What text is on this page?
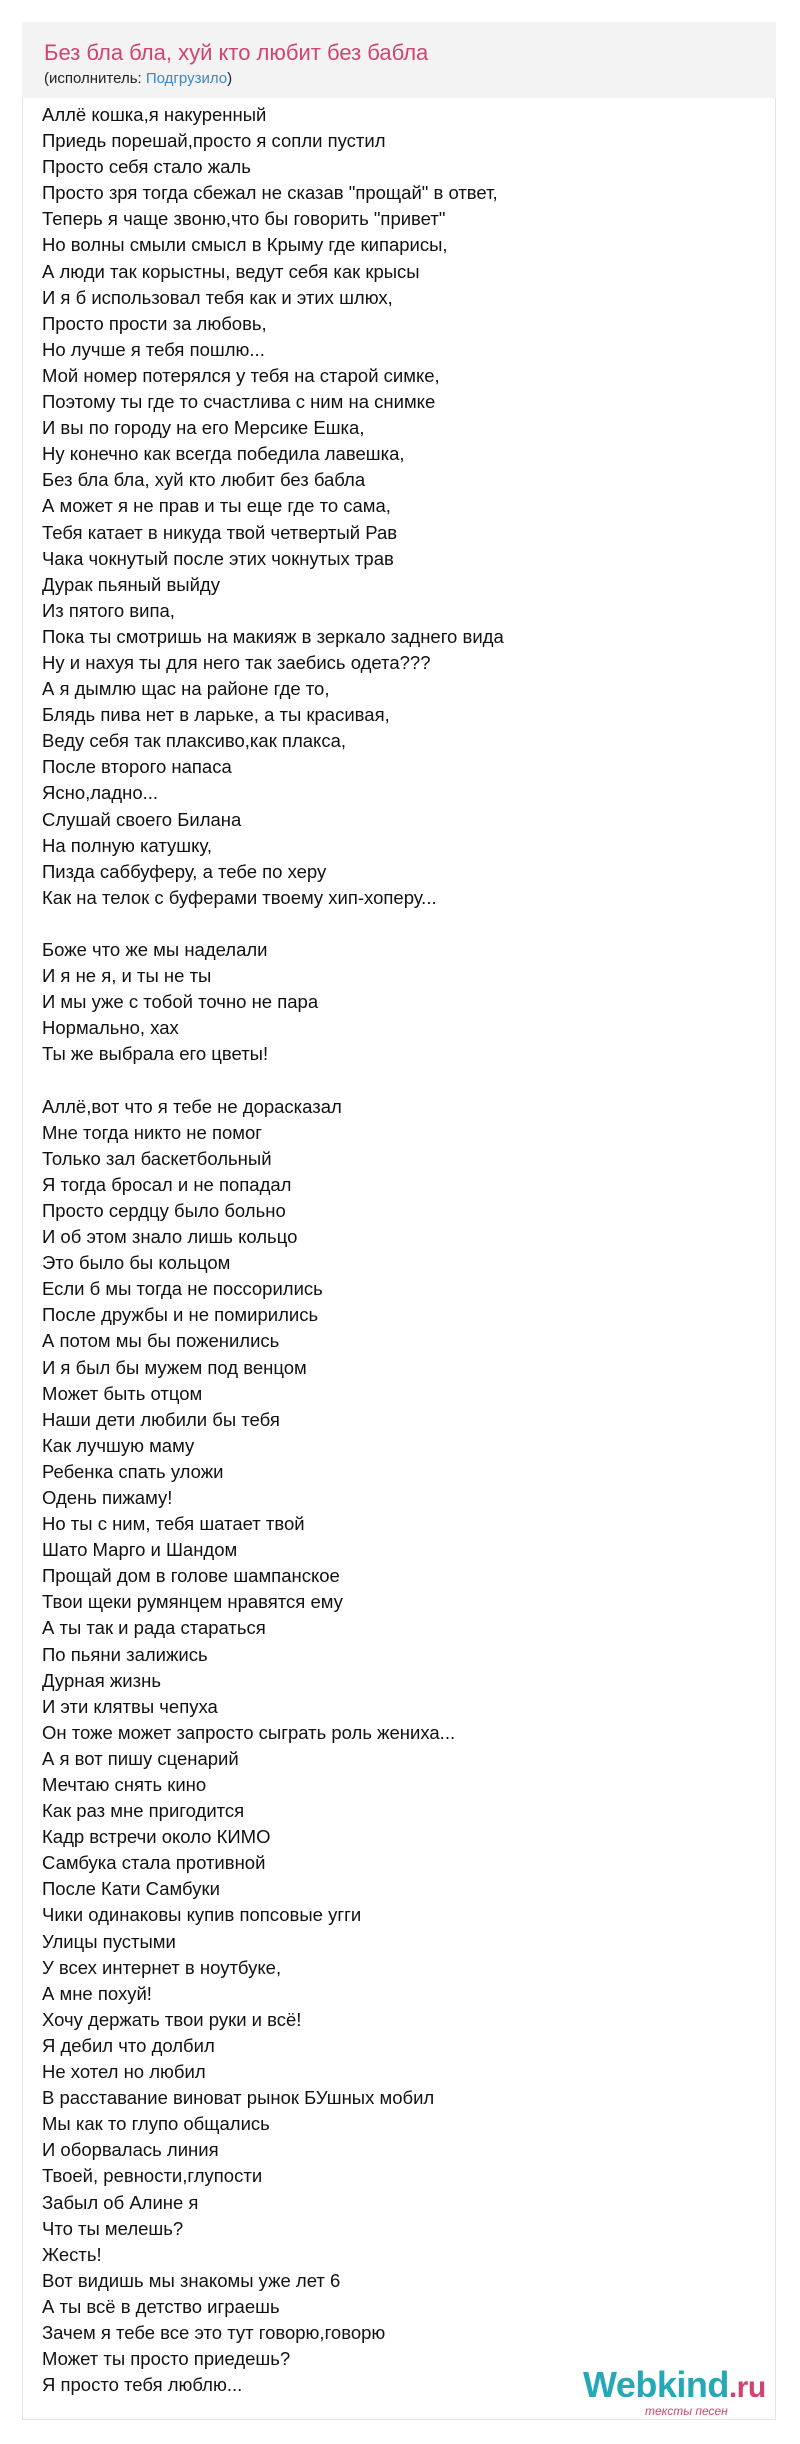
Без бла бла, хуй кто любит без бабла
(исполнитель: Подгрузило)
Аллё кошка,я накуренный
Приедь порешай,просто я сопли пустил
Просто себя стало жаль
Просто зря тогда сбежал не сказав "прощай" в ответ,
Теперь я чаще звоню,что бы говорить "привет"
Но волны смыли смысл в Крыму где кипарисы,
А люди так корыстны, ведут себя как крысы
И я б использовал тебя как и этих шлюх,
Просто прости за любовь,
Но лучше я тебя пошлю...
Мой номер потерялся у тебя на старой симке,
Поэтому ты где то счастлива с ним на снимке
И вы по городу на его Мерсике Ешка,
Ну конечно как всегда победила лавешка,
Без бла бла, хуй кто любит без бабла
А может я не прав и ты еще где то сама,
Тебя катает в никуда твой четвертый Рав
Чака чокнутый после этих чокнутых трав
Дурак пьяный выйду
Из пятого випа,
Пока ты смотришь на макияж в зеркало заднего вида
Ну и нахуя ты для него так заебись одета???
А я дымлю щас на районе где то,
Блядь пива нет в ларьке, а ты красивая,
Веду себя так плаксиво,как плакса,
После второго напаса
Ясно,ладно...
Слушай своего Билана
На полную катушку,
Пизда саббуферу, а тебе по херу
Как на телок с буферами твоему хип-хоперу...
Боже что же мы наделали
И я не я, и ты не ты
И мы уже с тобой точно не пара
Нормально, хах
Ты же выбрала его цветы!
Аллё,вот что я тебе не дорасказал
Мне тогда никто не помог
Только зал баскетбольный
Я тогда бросал и не попадал
Просто сердцу было больно
И об этом знало лишь кольцо
Это было бы кольцом
Если б мы тогда не поссорились
После дружбы и не помирились
А потом мы бы поженились
И я был бы мужем под венцом
Может быть отцом
Наши дети любили бы тебя
Как лучшую маму
Ребенка спать уложи
Одень пижаму!
Но ты с ним, тебя шатает твой
Шато Марго и Шандом
Прощай дом в голове шампанское
Твои щеки румянцем нравятся ему
А ты так и рада стараться
По пьяни залижись
Дурная жизнь
И эти клятвы чепуха
Он тоже может запросто сыграть роль жениха...
А я вот пишу сценарий
Мечтаю снять кино
Как раз мне пригодится
Кадр встречи около КИМО
Самбука стала противной
После Кати Самбуки
Чики одинаковы купив попсовые угги
Улицы пустыми
У всех интернет в ноутбуке,
А мне похуй!
Хочу держать твои руки и всё!
Я дебил что долбил
Не хотел но любил
В расставание виноват рынок БУшных мобил
Мы как то глупо общались
И оборвалась линия
Твоей, ревности,глупости
Забыл об Алине я
Что ты мелешь?
Жесть!
Вот видишь мы знакомы уже лет 6
А ты всё в детство играешь
Зачем я тебе все это тут говорю,говорю
Может ты просто приедешь?
Я просто тебя люблю...	Webkind.ru
тексты песен
